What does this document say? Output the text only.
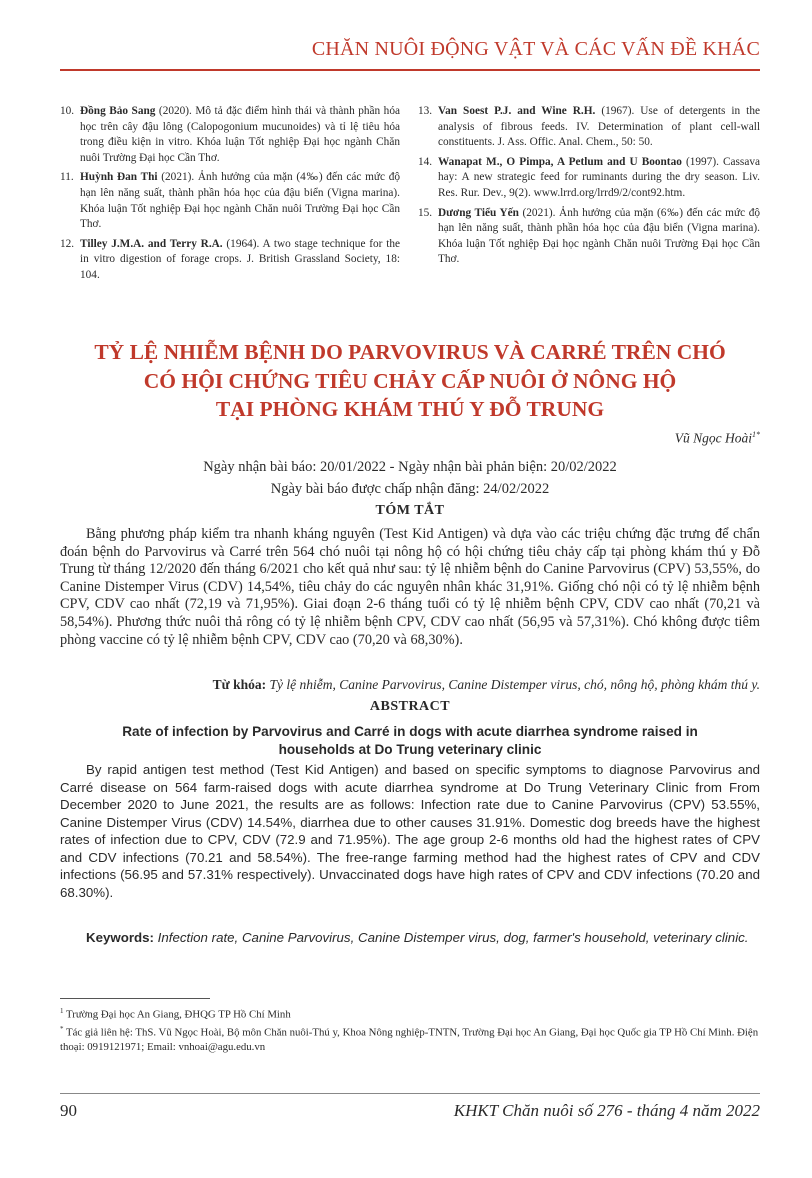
CHĂN NUÔI ĐỘNG VẬT VÀ CÁC VẤN ĐỀ KHÁC
10. Đồng Bảo Sang (2020). Mô tả đặc điểm hình thái và thành phần hóa học trên cây đậu lông (Calopogonium mucunoides) và tỉ lệ tiêu hóa trong điều kiện in vitro. Khóa luận Tốt nghiệp Đại học ngành Chăn nuôi Trường Đại học Cần Thơ.
11. Huỳnh Đan Thi (2021). Ảnh hưởng của mặn (4‰) đến các mức độ hạn lên năng suất, thành phần hóa học của đậu biển (Vigna marina). Khóa luận Tốt nghiệp Đại học ngành Chăn nuôi Trường Đại học Cần Thơ.
12. Tilley J.M.A. and Terry R.A. (1964). A two stage technique for the in vitro digestion of forage crops. J. British Grassland Society, 18: 104.
13. Van Soest P.J. and Wine R.H. (1967). Use of detergents in the analysis of fibrous feeds. IV. Determination of plant cell-wall constituents. J. Ass. Offic. Anal. Chem., 50: 50.
14. Wanapat M., O Pimpa, A Petlum and U Boontao (1997). Cassava hay: A new strategic feed for ruminants during the dry season. Liv. Res. Rur. Dev., 9(2). www.lrrd.org/lrrd9/2/cont92.htm.
15. Dương Tiểu Yến (2021). Ảnh hưởng của mặn (6‰) đến các mức độ hạn lên năng suất, thành phần hóa học của đậu biển (Vigna marina). Khóa luận Tốt nghiệp Đại học ngành Chăn nuôi Trường Đại học Cần Thơ.
TỶ LỆ NHIỄM BỆNH DO PARVOVIRUS VÀ CARRÉ TRÊN CHÓ
CÓ HỘI CHỨNG TIÊU CHẢY CẤP NUÔI Ở NÔNG HỘ
TẠI PHÒNG KHÁM THÚ Y ĐỖ TRUNG
Vũ Ngọc Hoài$^{1*}$
Ngày nhận bài báo: 20/01/2022 - Ngày nhận bài phản biện: 20/02/2022
Ngày bài báo được chấp nhận đăng: 24/02/2022
TÓM TẮT
Bằng phương pháp kiểm tra nhanh kháng nguyên (Test Kid Antigen) và dựa vào các triệu chứng đặc trưng để chẩn đoán bệnh do Parvovirus và Carré trên 564 chó nuôi tại nông hộ có hội chứng tiêu chảy cấp tại phòng khám thú y Đỗ Trung từ tháng 12/2020 đến tháng 6/2021 cho kết quả như sau: tỷ lệ nhiễm bệnh do Canine Parvovirus (CPV) 53,55%, do Canine Distemper Virus (CDV) 14,54%, tiêu chảy do các nguyên nhân khác 31,91%. Giống chó nội có tỷ lệ nhiễm bệnh CPV, CDV cao nhất (72,19 và 71,95%). Giai đoạn 2-6 tháng tuổi có tỷ lệ nhiễm bệnh CPV, CDV cao nhất (70,21 và 58,54%). Phương thức nuôi thả rông có tỷ lệ nhiễm bệnh CPV, CDV cao nhất (56,95 và 57,31%). Chó không được tiêm phòng vaccine có tỷ lệ nhiễm bệnh CPV, CDV cao (70,20 và 68,30%).
Từ khóa: Tỷ lệ nhiễm, Canine Parvovirus, Canine Distemper virus, chó, nông hộ, phòng khám thú y.
ABSTRACT
Rate of infection by Parvovirus and Carré in dogs with acute diarrhea syndrome raised in
households at Do Trung veterinary clinic
By rapid antigen test method (Test Kid Antigen) and based on specific symptoms to diagnose Parvovirus and Carré disease on 564 farm-raised dogs with acute diarrhea syndrome at Do Trung Veterinary Clinic from From December 2020 to June 2021, the results are as follows: Infection rate due to Canine Parvovirus (CPV) 53.55%, Canine Distemper Virus (CDV) 14.54%, diarrhea due to other causes 31.91%. Domestic dog breeds have the highest rates of infection due to CPV, CDV (72.9 and 71.95%). The age group 2-6 months old had the highest rates of CPV and CDV infections (70.21 and 58.54%). The free-range farming method had the highest rates of CPV and CDV infections (56.95 and 57.31% respectively). Unvaccinated dogs have high rates of CPV and CDV infections (70.20 and 68.30%).
Keywords: Infection rate, Canine Parvovirus, Canine Distemper virus, dog, farmer's household, veterinary clinic.
$^1$ Trường Đại học An Giang, ĐHQG TP Hồ Chí Minh
* Tác giả liên hệ: ThS. Vũ Ngọc Hoài, Bộ môn Chăn nuôi-Thú y, Khoa Nông nghiệp-TNTN, Trường Đại học An Giang, Đại học Quốc gia TP Hồ Chí Minh. Điện thoại: 0919121971; Email: vnhoai@agu.edu.vn
90	KHKT Chăn nuôi số 276 - tháng 4 năm 2022
